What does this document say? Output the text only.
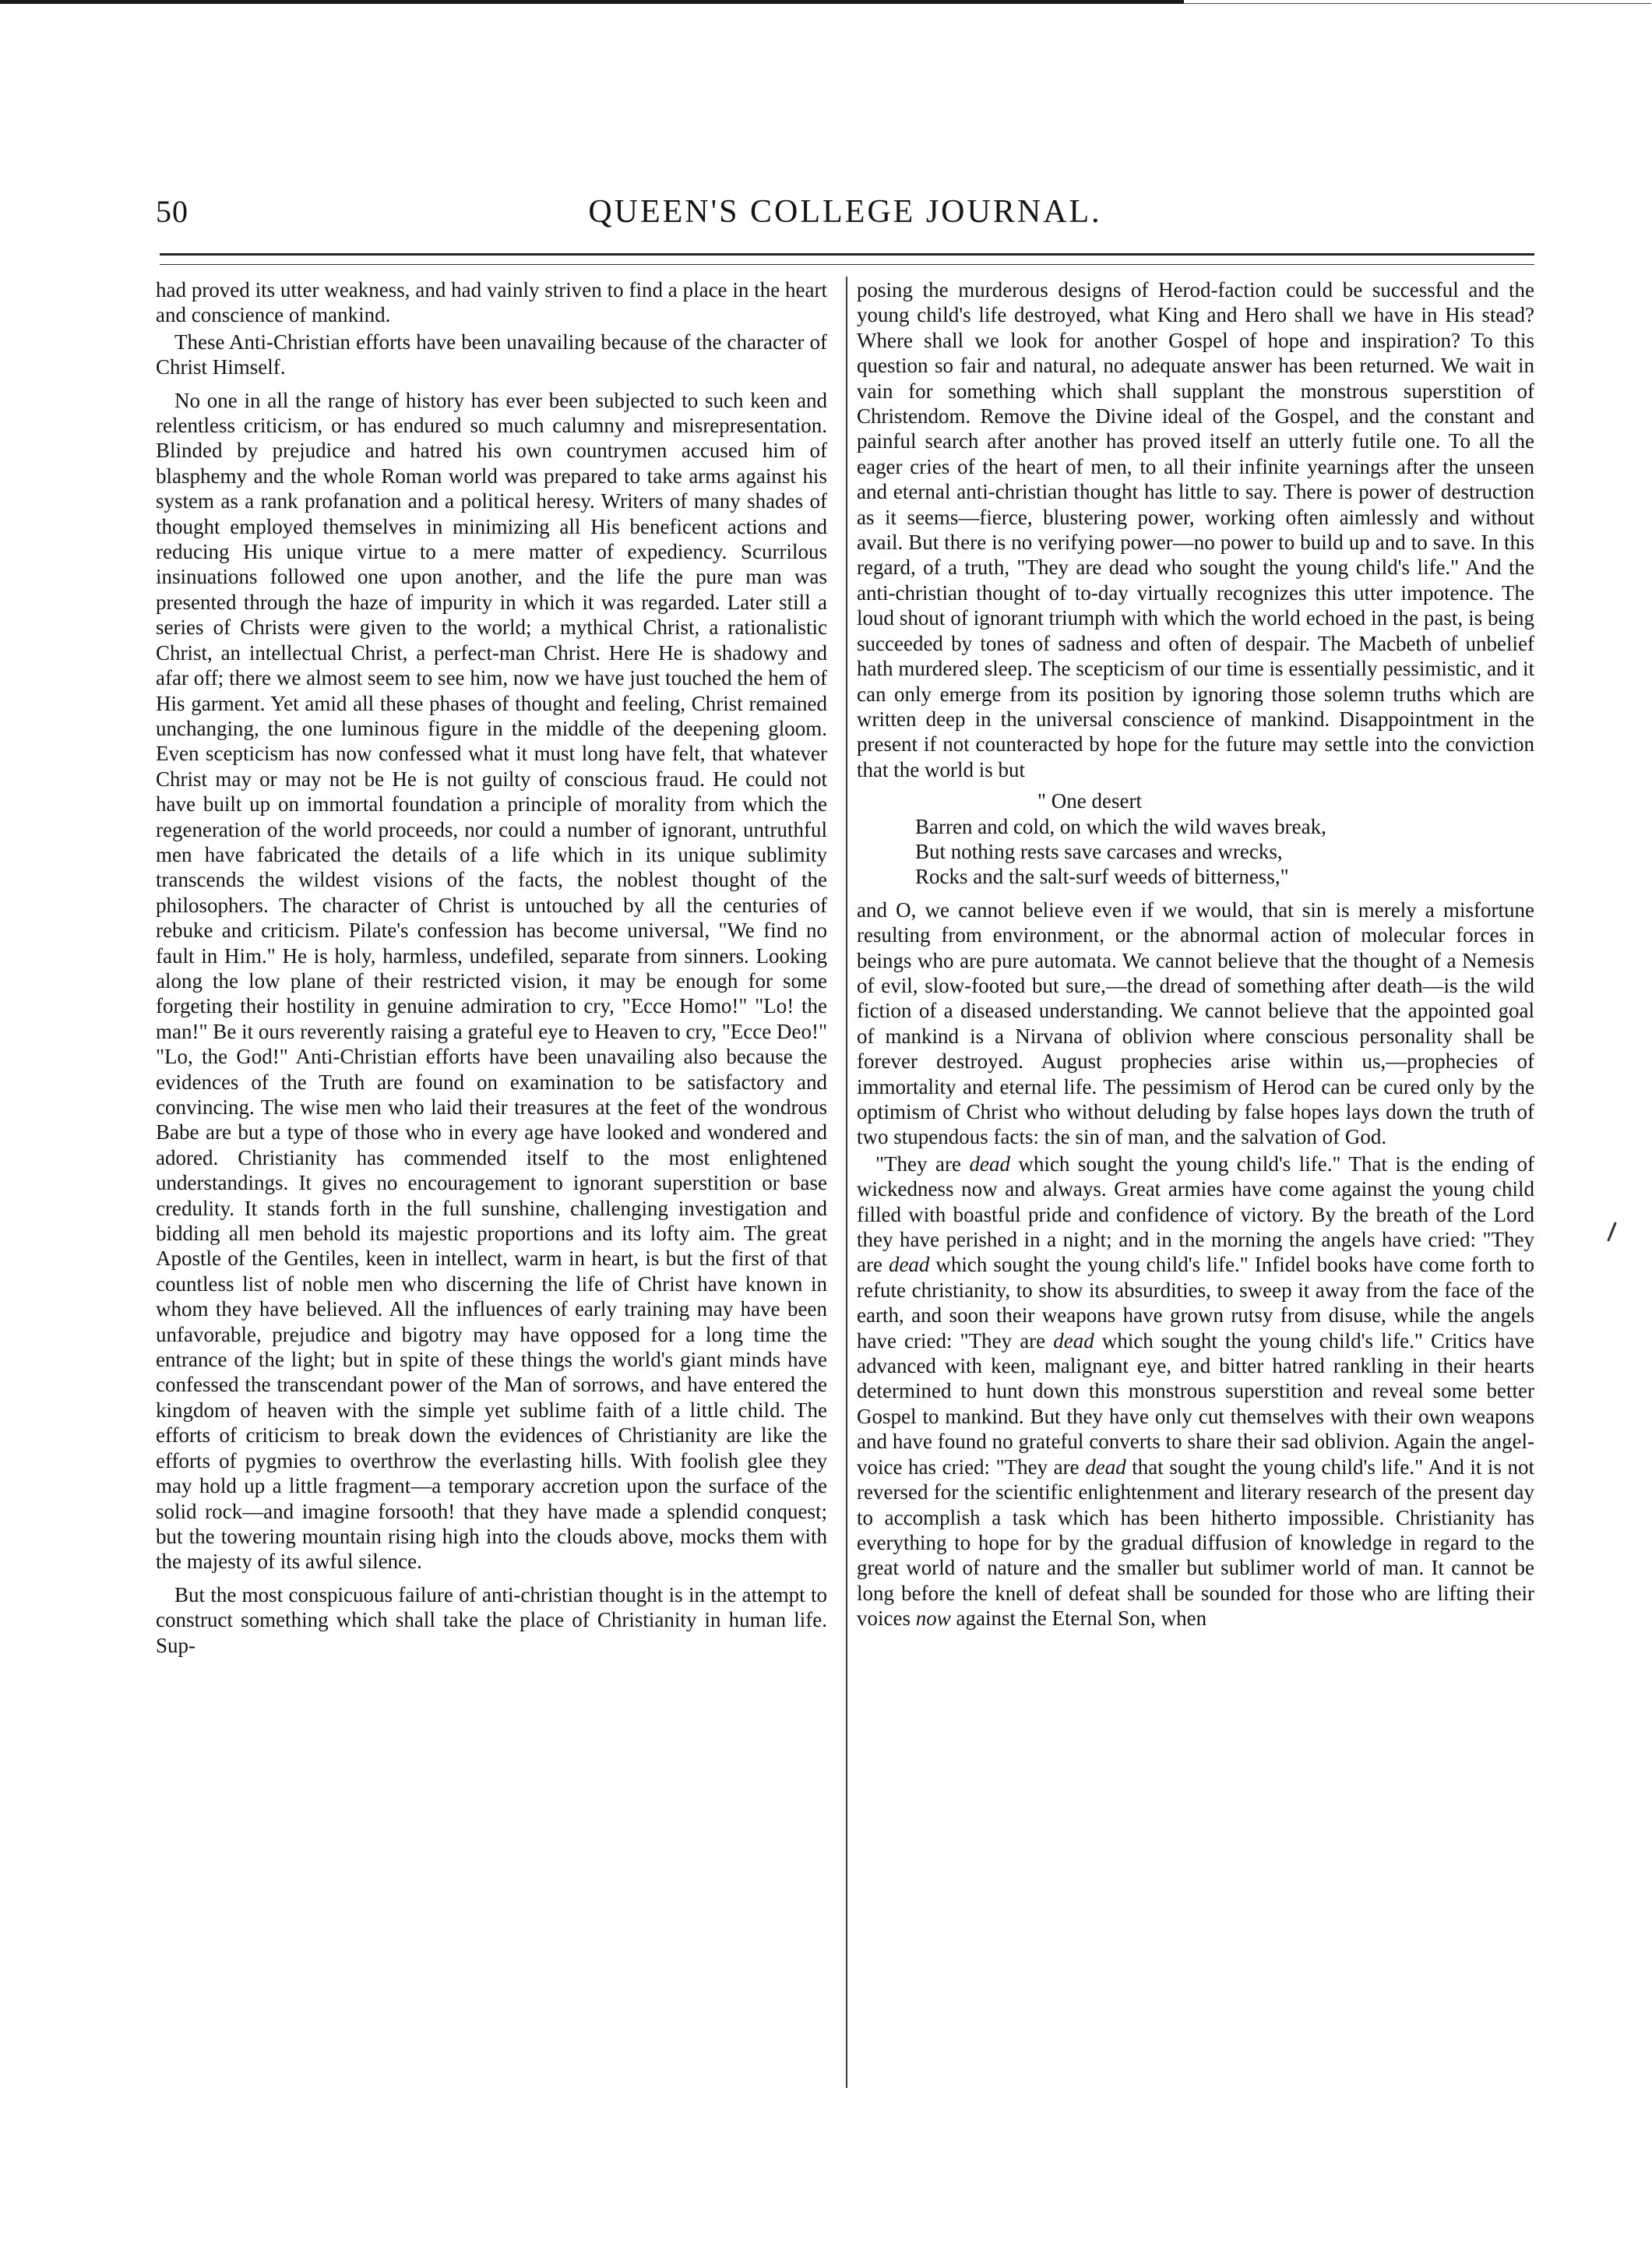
50	QUEEN'S COLLEGE JOURNAL.

had proved its utter weakness, and had vainly striven to find a place in the heart and conscience of mankind.

These Anti-Christian efforts have been unavailing because of the character of Christ Himself.

No one in all the range of history has ever been subjected to such keen and relentless criticism, or has endured so much calumny and misrepresentation. Blinded by prejudice and hatred his own countrymen accused him of blasphemy and the whole Roman world was prepared to take arms against his system as a rank profanation and a political heresy. Writers of many shades of thought employed themselves in minimizing all His beneficent actions and reducing His unique virtue to a mere matter of expediency. Scurrilous insinuations followed one upon another, and the life the pure man was presented through the haze of impurity in which it was regarded. Later still a series of Christs were given to the world; a mythical Christ, a rationalistic Christ, an intellectual Christ, a perfect-man Christ. Here He is shadowy and afar off; there we almost seem to see him, now we have just touched the hem of His garment. Yet amid all these phases of thought and feeling, Christ remained unchanging, the one luminous figure in the middle of the deepening gloom. Even scepticism has now confessed what it must long have felt, that whatever Christ may or may not be He is not guilty of conscious fraud. He could not have built up on immortal foundation a principle of morality from which the regeneration of the world proceeds, nor could a number of ignorant, untruthful men have fabricated the details of a life which in its unique sublimity transcends the wildest visions of the facts, the noblest thought of the philosophers. The character of Christ is untouched by all the centuries of rebuke and criticism. Pilate's confession has become universal, "We find no fault in Him." He is holy, harmless, undefiled, separate from sinners. Looking along the low plane of their restricted vision, it may be enough for some forgeting their hostility in genuine admiration to cry, "Ecce Homo!" "Lo! the man!" Be it ours reverently raising a grateful eye to Heaven to cry, "Ecce Deo!" "Lo, the God!" Anti-Christian efforts have been unavailing also because the evidences of the Truth are found on examination to be satisfactory and convincing. The wise men who laid their treasures at the feet of the wondrous Babe are but a type of those who in every age have looked and wondered and adored. Christianity has commended itself to the most enlightened understandings. It gives no encouragement to ignorant superstition or base credulity. It stands forth in the full sunshine, challenging investigation and bidding all men behold its majestic proportions and its lofty aim. The great Apostle of the Gentiles, keen in intellect, warm in heart, is but the first of that countless list of noble men who discerning the life of Christ have known in whom they have believed. All the influences of early training may have been unfavorable, prejudice and bigotry may have opposed for a long time the entrance of the light; but in spite of these things the world's giant minds have confessed the transcendant power of the Man of sorrows, and have entered the kingdom of heaven with the simple yet sublime faith of a little child. The efforts of criticism to break down the evidences of Christianity are like the efforts of pygmies to overthrow the everlasting hills. With foolish glee they may hold up a little fragment—a temporary accretion upon the surface of the solid rock—and imagine forsooth! that they have made a splendid conquest; but the towering mountain rising high into the clouds above, mocks them with the majesty of its awful silence.

But the most conspicuous failure of anti-christian thought is in the attempt to construct something which shall take the place of Christianity in human life. Sup-

posing the murderous designs of Herod-faction could be successful and the young child's life destroyed, what King and Hero shall we have in His stead? Where shall we look for another Gospel of hope and inspiration? To this question so fair and natural, no adequate answer has been returned. We wait in vain for something which shall supplant the monstrous superstition of Christendom. Remove the Divine ideal of the Gospel, and the constant and painful search after another has proved itself an utterly futile one. To all the eager cries of the heart of men, to all their infinite yearnings after the unseen and eternal anti-christian thought has little to say. There is power of destruction as it seems—fierce, blustering power, working often aimlessly and without avail. But there is no verifying power—no power to build up and to save. In this regard, of a truth, "They are dead who sought the young child's life." And the anti-christian thought of to-day virtually recognizes this utter impotence. The loud shout of ignorant triumph with which the world echoed in the past, is being succeeded by tones of sadness and often of despair. The Macbeth of unbelief hath murdered sleep. The scepticism of our time is essentially pessimistic, and it can only emerge from its position by ignoring those solemn truths which are written deep in the universal conscience of mankind. Disappointment in the present if not counteracted by hope for the future may settle into the conviction that the world is but

" One desert
Barren and cold, on which the wild waves break,
But nothing rests save carcases and wrecks,
Rocks and the salt-surf weeds of bitterness,"

and O, we cannot believe even if we would, that sin is merely a misfortune resulting from environment, or the abnormal action of molecular forces in beings who are pure automata. We cannot believe that the thought of a Nemesis of evil, slow-footed but sure,—the dread of something after death—is the wild fiction of a diseased understanding. We cannot believe that the appointed goal of mankind is a Nirvana of oblivion where conscious personality shall be forever destroyed. August prophecies arise within us,—prophecies of immortality and eternal life. The pessimism of Herod can be cured only by the optimism of Christ who without deluding by false hopes lays down the truth of two stupendous facts: the sin of man, and the salvation of God.

"They are dead which sought the young child's life." That is the ending of wickedness now and always. Great armies have come against the young child filled with boastful pride and confidence of victory. By the breath of the Lord they have perished in a night; and in the morning the angels have cried: "They are dead which sought the young child's life." Infidel books have come forth to refute christianity, to show its absurdities, to sweep it away from the face of the earth, and soon their weapons have grown rutsy from disuse, while the angels have cried: "They are dead which sought the young child's life." Critics have advanced with keen, malignant eye, and bitter hatred rankling in their hearts determined to hunt down this monstrous superstition and reveal some better Gospel to mankind. But they have only cut themselves with their own weapons and have found no grateful converts to share their sad oblivion. Again the angel-voice has cried: "They are dead that sought the young child's life." And it is not reversed for the scientific enlightenment and literary research of the present day to accomplish a task which has been hitherto impossible. Christianity has everything to hope for by the gradual diffusion of knowledge in regard to the great world of nature and the smaller but sublimer world of man. It cannot be long before the knell of defeat shall be sounded for those who are lifting their voices now against the Eternal Son, when
